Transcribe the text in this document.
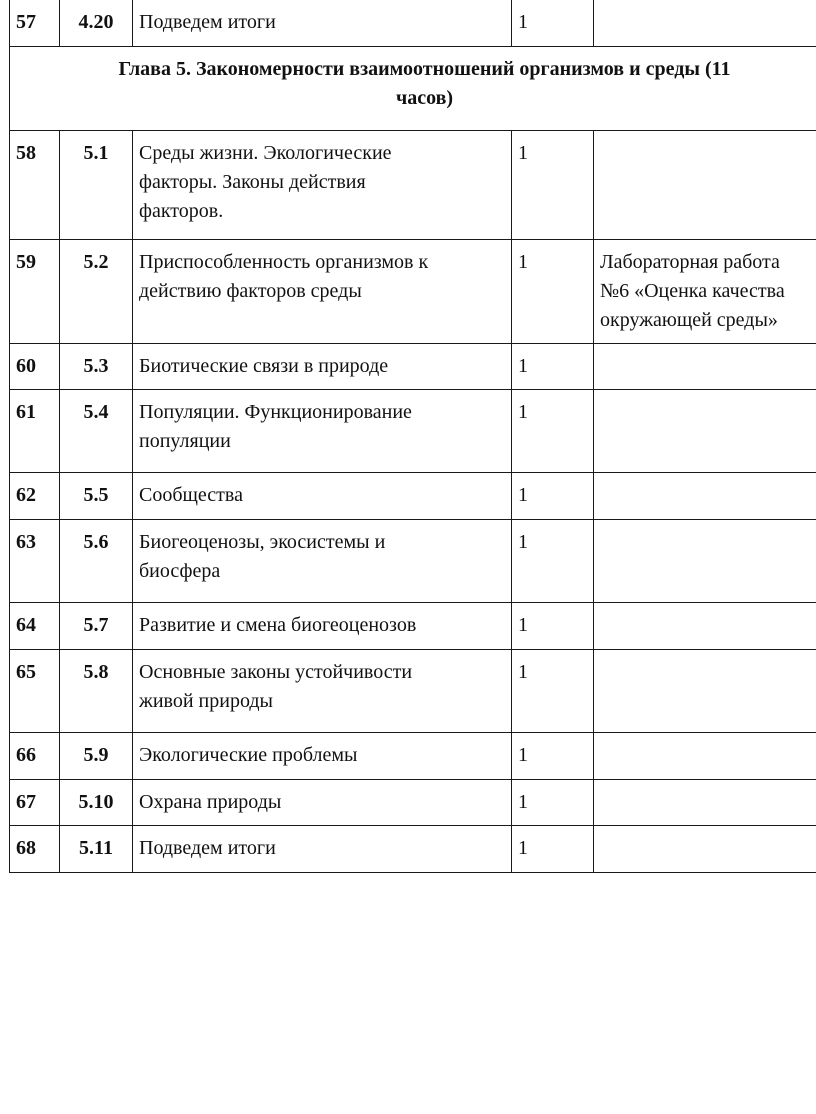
57	4.20	Подведем итоги	1	
Глава 5. Закономерности взаимоотношений организмов и среды (11
часов)				
58	5.1	Среды жизни. Экологические
факторы. Законы действия
факторов.	1	
59	5.2	Приспособленность организмов к
действию факторов среды	1	Лабораторная работа
№6 «Оценка качества
окружающей среды»
60	5.3	Биотические связи в природе	1	
61	5.4	Популяции. Функционирование
популяции	1	
62	5.5	Сообщества	1	
63	5.6	Биогеоценозы, экосистемы и
биосфера	1	
64	5.7	Развитие и смена биогеоценозов	1	
65	5.8	Основные законы устойчивости
живой природы	1	
66	5.9	Экологические проблемы	1	
67	5.10	Охрана природы	1	
68	5.11	Подведем итоги	1	
